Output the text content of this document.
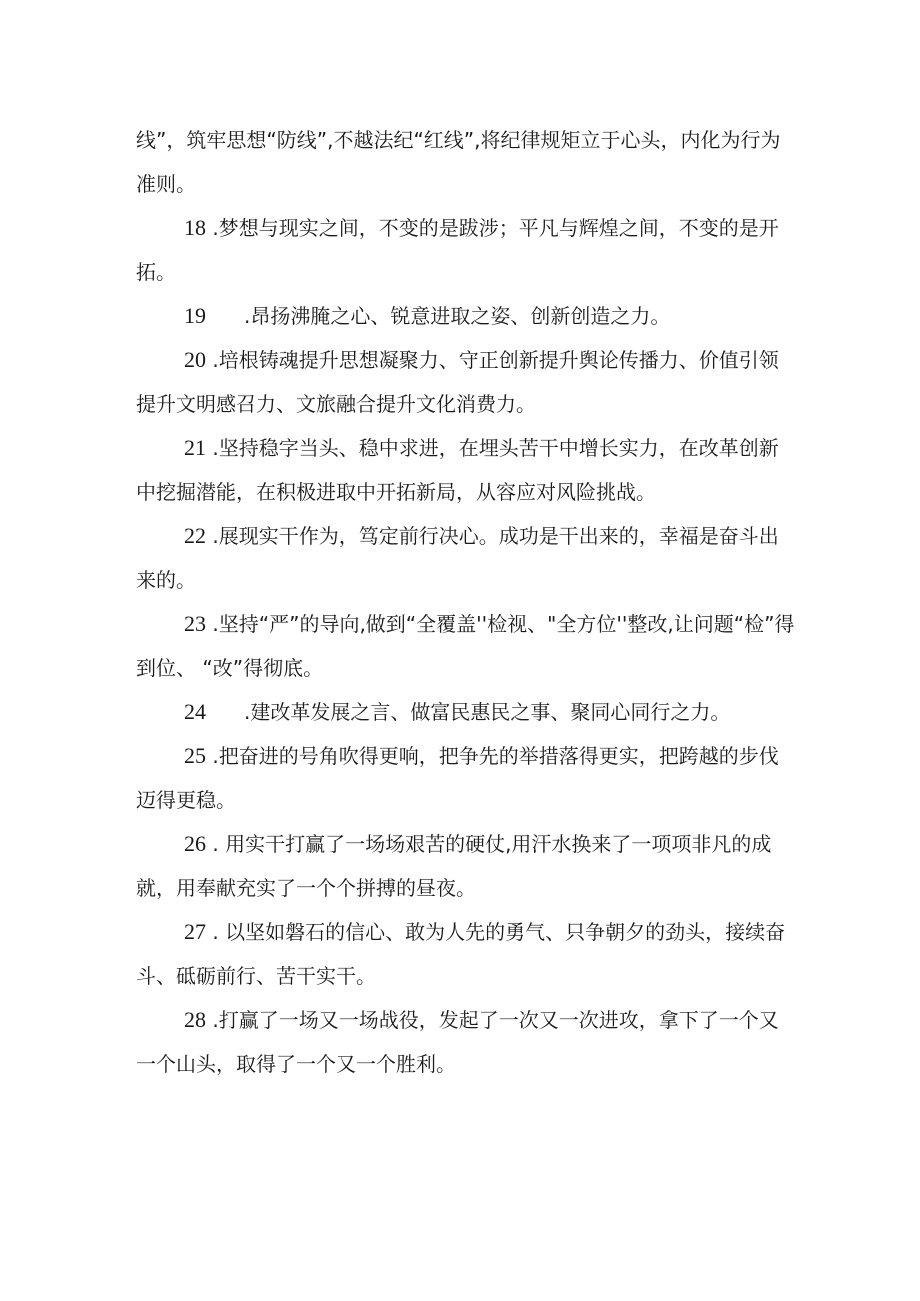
线”，筑牢思想“防线”,不越法纪“红线”,将纪律规矩立于心头，内化为行为准则。

18 .梦想与现实之间，不变的是跋涉；平凡与辉煌之间，不变的是开拓。

19 .昂扬沸腌之心、锐意进取之姿、创新创造之力。

20 .培根铸魂提升思想凝聚力、守正创新提升舆论传播力、价值引领提升文明感召力、文旅融合提升文化消费力。

21 .坚持稳字当头、稳中求进，在埋头苦干中增长实力，在改革创新中挖掘潜能，在积极进取中开拓新局，从容应对风险挑战。

22 .展现实干作为，笃定前行决心。成功是干出来的，幸福是奋斗出来的。

23 .坚持“严”的导向,做到“全覆盖''检视、"全方位''整改,让问题“检”得到位、 “改”得彻底。

24 .建改革发展之言、做富民惠民之事、聚同心同行之力。

25 .把奋进的号角吹得更响，把争先的举措落得更实，把跨越的步伐迈得更稳。

26 . 用实干打赢了一场场艰苦的硬仗,用汗水换来了一项项非凡的成就，用奉献充实了一个个拼搏的昼夜。

27 . 以坚如磐石的信心、敢为人先的勇气、只争朝夕的劲头，接续奋斗、砥砺前行、苦干实干。

28 .打赢了一场又一场战役，发起了一次又一次进攻，拿下了一个又一个山头，取得了一个又一个胜利。
